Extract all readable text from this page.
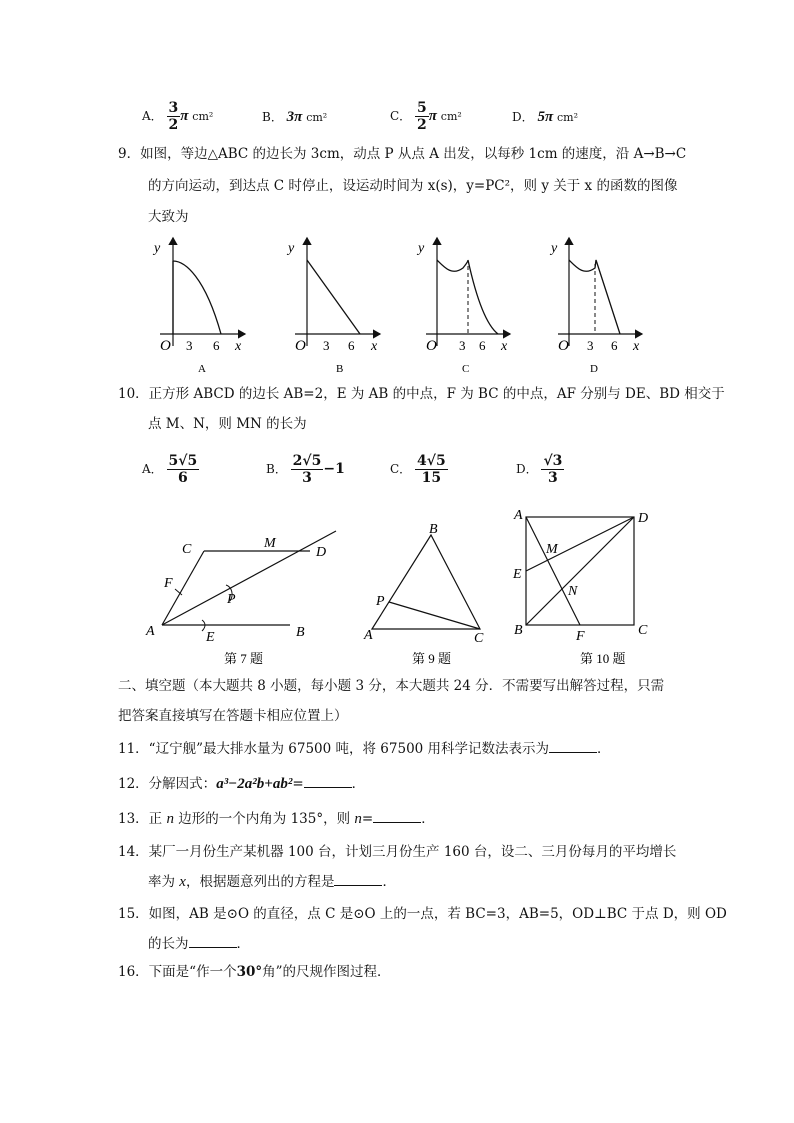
A． $\frac{3}{2}$ π cm²	B． 3π cm²	C． $\frac{5}{2}$ π cm²	D． 5π cm²
9．如图，等边△ABC 的边长为 3cm，动点 P 从点 A 出发，以每秒 1cm 的速度，沿 A→B→C
的方向运动，到达点 C 时停止，设运动时间为 x(s)，y=PC²，则 y 关于 x 的函数的图像
大致为
y
O 3 6 x
A
y
O 3 6 x
B
y
O 3 6 x
C
y
O 3 6 x
D
10．正方形 ABCD 的边长 AB=2，E 为 AB 的中点，F 为 BC 的中点，AF 分别与 DE、BD 相交于
点 M、N，则 MN 的长为
A． $\frac{5√5}{6}$	B． $\frac{2√5}{3} -1$	C． $\frac{4√5}{15}$	D． $\frac{√3}{3}$
C	M
D
F
P
A	E	B
第 7 题
B
P
A	C
第 9 题
A	D
M
E
N
B	F	C
第 10 题
二、填空题（本大题共 8 小题，每小题 3 分，本大题共 24 分．不需要写出解答过程，只需
把答案直接填写在答题卡相应位置上）
11．“辽宁舰”最大排水量为 67500 吨，将 67500 用科学记数法表示为	．
12．分解因式：a³−2a²b+ab²=	．
13．正 n 边形的一个内角为 135°，则 n=	．
14．某厂一月份生产某机器 100 台，计划三月份生产 160 台，设二、三月份每月的平均增长
率为 x，根据题意列出的方程是	．
15．如图，AB 是⊙O 的直径，点 C 是⊙O 上的一点，若 BC=3，AB=5，OD⊥BC 于点 D，则 OD
的长为	．
16．下面是“作一个30°角”的尺规作图过程．
